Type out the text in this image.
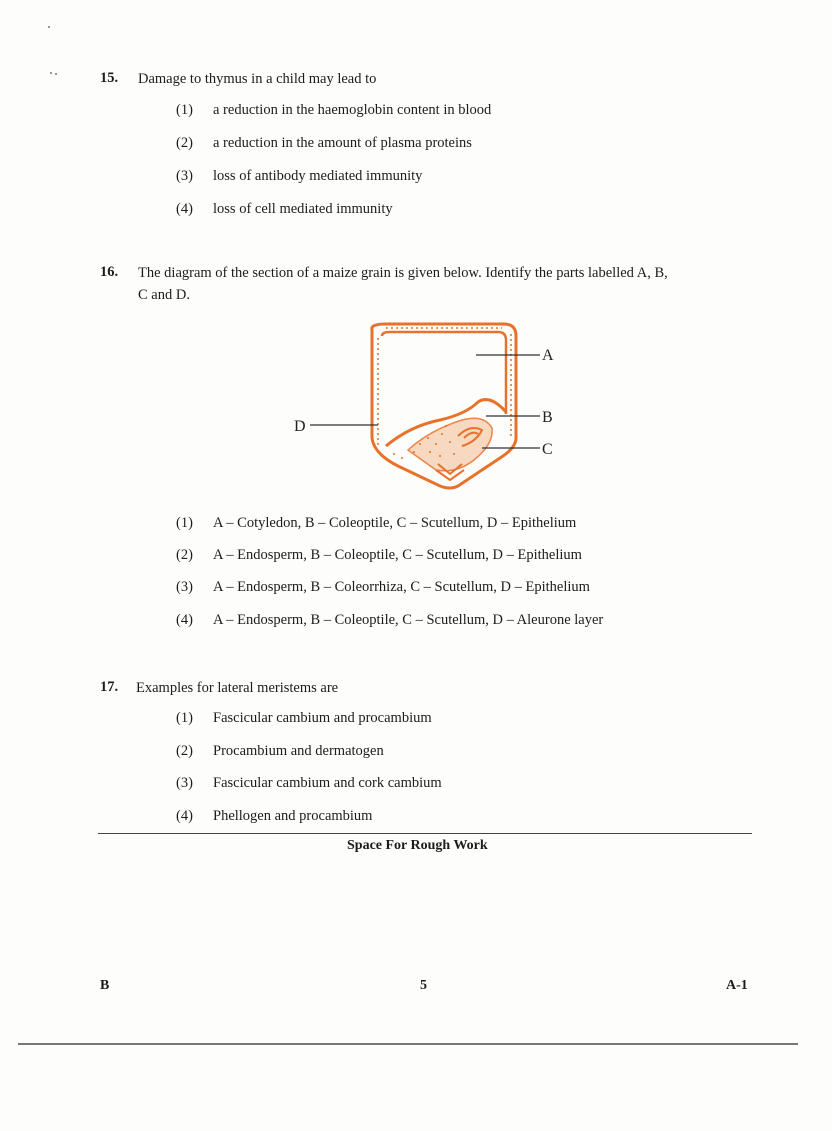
15. Damage to thymus in a child may lead to
(1)	a reduction in the haemoglobin content in blood
(2)	a reduction in the amount of plasma proteins
(3)	loss of antibody mediated immunity
(4)	loss of cell mediated immunity
16. The diagram of the section of a maize grain is given below. Identify the parts labelled A, B,
C and D.
A
B
C
D
(1)	A – Cotyledon, B – Coleoptile, C – Scutellum, D – Epithelium
(2)	A – Endosperm, B – Coleoptile, C – Scutellum, D – Epithelium
(3)	A – Endosperm, B – Coleorrhiza, C – Scutellum, D – Epithelium
(4)	A – Endosperm, B – Coleoptile, C – Scutellum, D – Aleurone layer
17. Examples for lateral meristems are
(1)	Fascicular cambium and procambium
(2)	Procambium and dermatogen
(3)	Fascicular cambium and cork cambium
(4)	Phellogen and procambium
Space For Rough Work
B	5	A-1
